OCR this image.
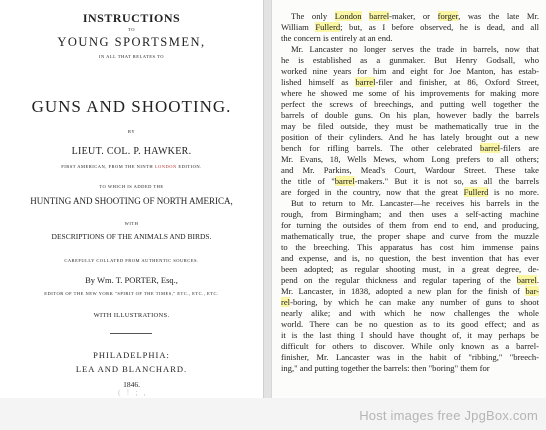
INSTRUCTIONS
TO
YOUNG SPORTSMEN,
IN ALL THAT RELATES TO
GUNS AND SHOOTING.
BY
LIEUT. COL. P. HAWKER.
FIRST AMERICAN, FROM THE NINTH LONDON EDITION.
TO WHICH IS ADDED THE
HUNTING AND SHOOTING OF NORTH AMERICA,
WITH
DESCRIPTIONS OF THE ANIMALS AND BIRDS.
CAREFULLY COLLATED FROM AUTHENTIC SOURCES.
By Wm. T. PORTER, Esq.,
EDITOR OF THE NEW YORK "SPIRIT OF THE TIMES," ETC., ETC., ETC.
WITH ILLUSTRATIONS.
PHILADELPHIA:
LEA AND BLANCHARD.
1846.
( ! ; ,
The only London barrel-maker, or forger, was the late Mr.
William Fullerd; but, as I before observed, he is dead, and all
the concern is entirely at an end.
Mr. Lancaster no longer serves the trade in barrels, now that
he is established as a gunmaker. But Henry Godsall, who
worked nine years for him and eight for Joe Manton, has estab-
lished himself as barrel-filer and finisher, at 86, Oxford Street,
where he showed me some of his improvements for making more
perfect the screws of breechings, and putting well together the
barrels of double guns. On his plan, however badly the barrels
may be filed outside, they must be mathematically true in the
position of their cylinders. And he has lately brought out a new
bench for rifling barrels. The other celebrated barrel-filers are
Mr. Evans, 18, Wells Mews, whom Long prefers to all others;
and Mr. Parkins, Mead's Court, Wardour Street. These take
the title of "barrel-makers." But it is not so, as all the barrels
are forged in the country, now that the great Fullerd is no more.
But to return to Mr. Lancaster—he receives his barrels in the
rough, from Birmingham; and then uses a self-acting machine
for turning the outsides of them from end to end, and producing,
mathematically true, the proper shape and curve from the muzzle
to the breeching. This apparatus has cost him immense pains
and expense, and is, no question, the best invention that has ever
been adopted; as regular shooting must, in a great degree, de-
pend on the regular thickness and regular tapering of the barrel.
Mr. Lancaster, in 1838, adopted a new plan for the finish of bar-
rel-boring, by which he can make any number of guns to shoot
nearly alike; and with which he now challenges the whole
world. There can be no question as to its good effect; and as
it is the last thing I should have thought of, it may perhaps be
difficult for others to discover. While only known as a barrel-
finisher, Mr. Lancaster was in the habit of "ribbing," "breech-
ing," and putting together the barrels: then "boring" them for
Host images free JpgBox.com
